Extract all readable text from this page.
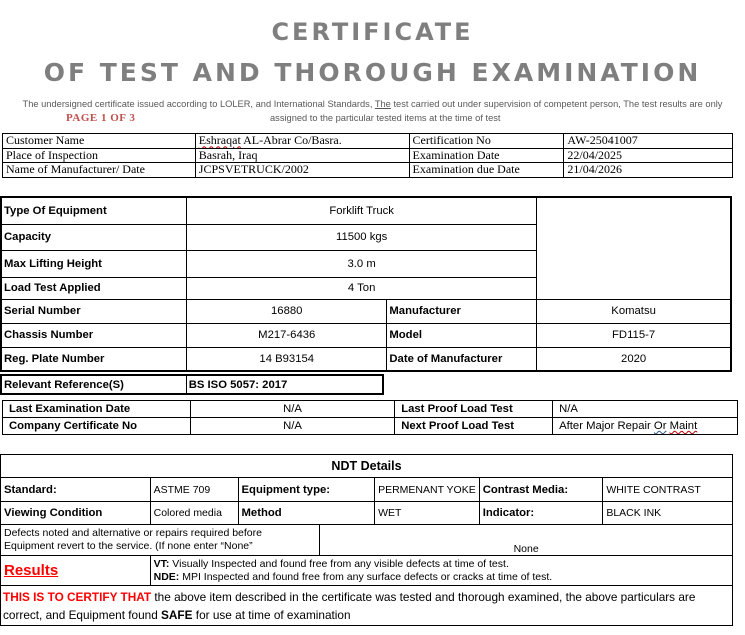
CERTIFICATE
OF TEST AND THOROUGH EXAMINATION
The undersigned certificate issued according to LOLER, and International Standards, The test carried out under supervision of competent person, The test results are only
PAGE 1 OF 3	assigned to the particular tested items at the time of test
Customer Name	Eshraqat AL-Abrar Co/Basra.	Certification No	AW-25041007
Place of Inspection	Basrah, Iraq	Examination Date	22/04/2025
Name of Manufacturer/ Date	JCPSVETRUCK/2002	Examination due Date	21/04/2026
Type Of Equipment	Forklift Truck		
Capacity	11500 kgs		
Max Lifting Height	3.0 m		
Load Test Applied	4 Ton		
Serial Number	16880	Manufacturer	Komatsu
Chassis Number	M217-6436	Model	FD115-7
Reg. Plate Number	14 B93154	Date of Manufacturer	2020
Relevant Reference(S)	BS ISO 5057: 2017
Last Examination Date	N/A	Last Proof Load Test	N/A
Company Certificate No	N/A	Next Proof Load Test	After Major Repair Or Maint
NDT Details						
Standard:	ASTME 709	Equipment type:		PERMENANT YOKE	Contrast Media:	WHITE CONTRAST
Viewing Condition	Colored media	Method		WET	Indicator:	BLACK INK

Defects noted and alternative or repairs required before
Equipment revert to the service. (If none enter “None”			None			
Results	VT: Visually Inspected and found free from any visible defects at time of test.
NDE: MPI Inspected and found free from any surface defects or cracks at time of test.					

THIS IS TO CERTIFY THAT the above item described in the certificate was tested and thorough examined, the above particulars are correct, and Equipment found SAFE for use at time of examination						
